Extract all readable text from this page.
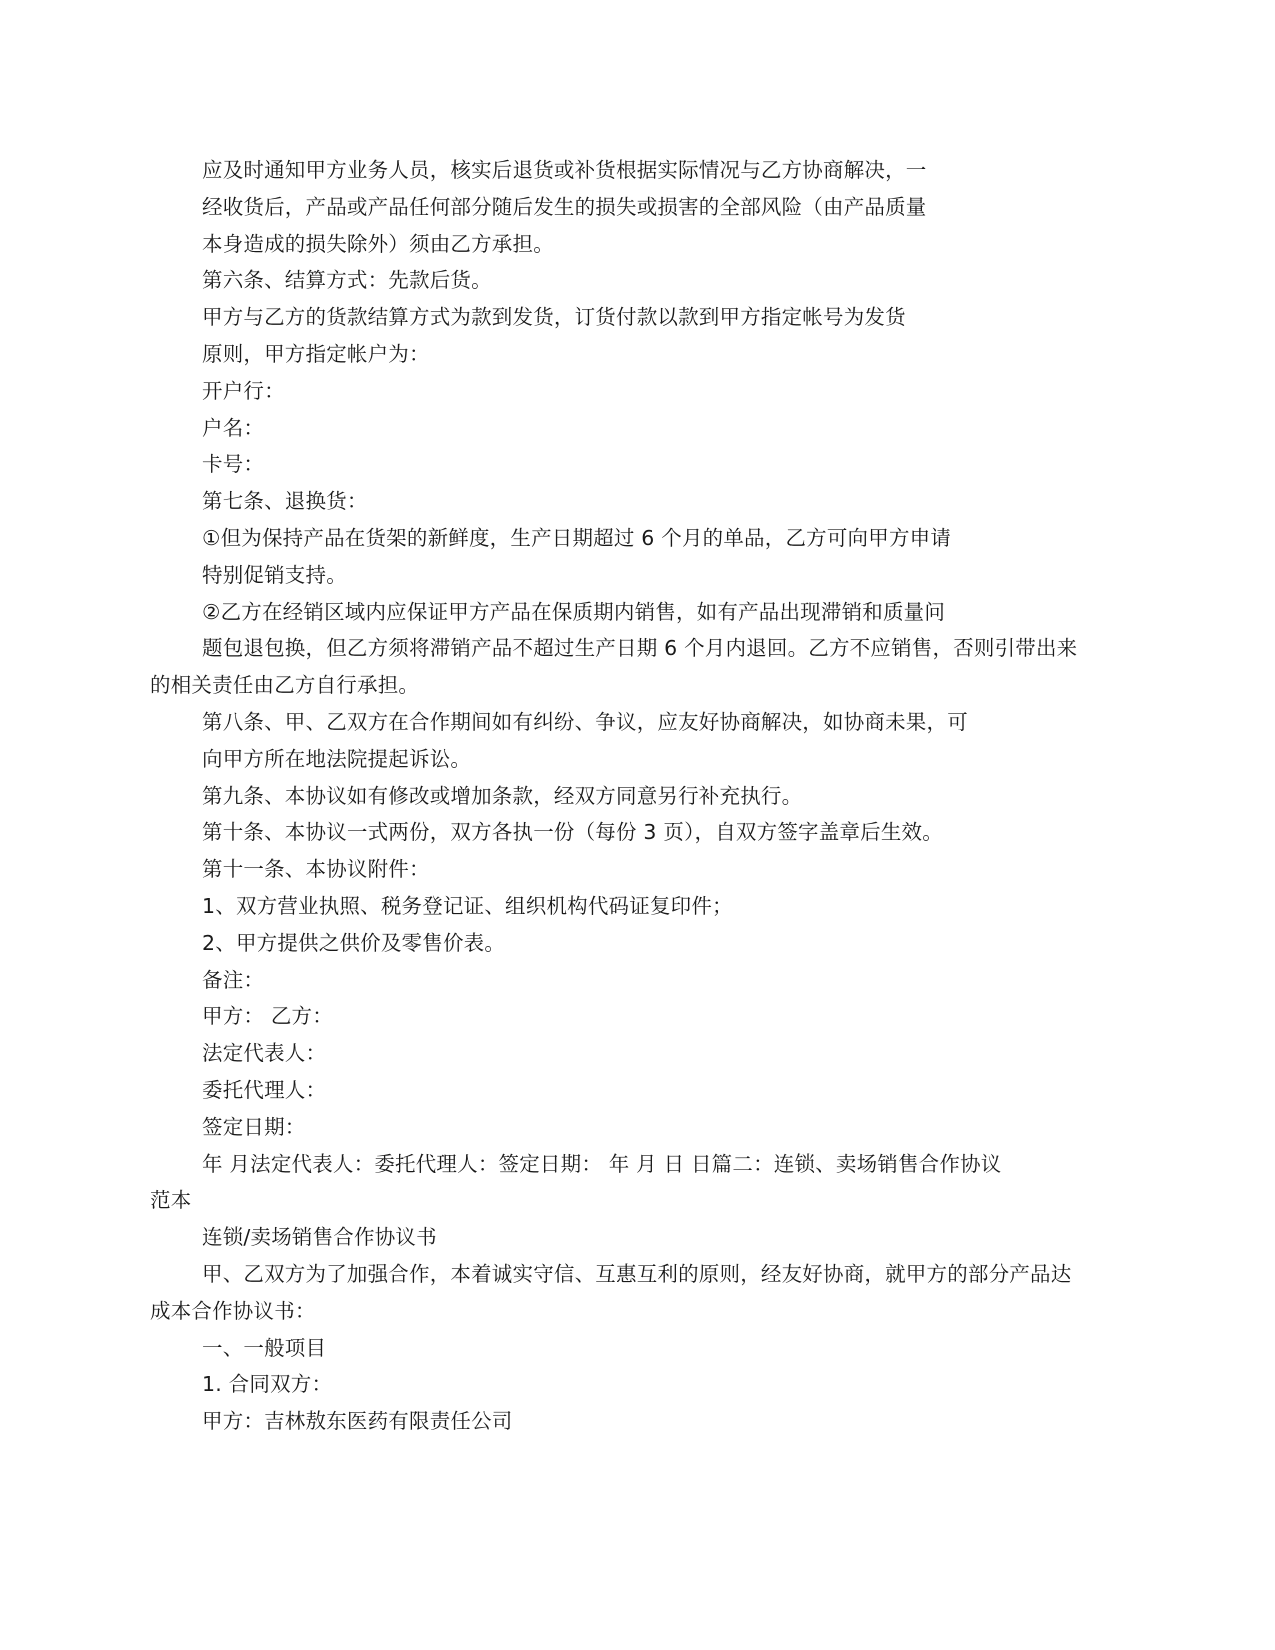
应及时通知甲方业务人员，核实后退货或补货根据实际情况与乙方协商解决，一

经收货后，产品或产品任何部分随后发生的损失或损害的全部风险（由产品质量

本身造成的损失除外）须由乙方承担。

第六条、结算方式：先款后货。

甲方与乙方的货款结算方式为款到发货，订货付款以款到甲方指定帐号为发货

原则，甲方指定帐户为：

开户行：

户名：

卡号：

第七条、退换货：

①但为保持产品在货架的新鲜度，生产日期超过 6 个月的单品，乙方可向甲方申请

特别促销支持。

②乙方在经销区域内应保证甲方产品在保质期内销售，如有产品出现滞销和质量问

题包退包换，但乙方须将滞销产品不超过生产日期 6 个月内退回。乙方不应销售，否则引带出来

的相关责任由乙方自行承担。

第八条、甲、乙双方在合作期间如有纠纷、争议，应友好协商解决，如协商未果，可

向甲方所在地法院提起诉讼。

第九条、本协议如有修改或增加条款，经双方同意另行补充执行。

第十条、本协议一式两份，双方各执一份（每份 3 页），自双方签字盖章后生效。

第十一条、本协议附件：

1、双方营业执照、税务登记证、组织机构代码证复印件；

2、甲方提供之供价及零售价表。

备注：

甲方： 乙方：

法定代表人：

委托代理人：

签定日期：

年 月法定代表人：委托代理人：签定日期： 年 月 日 日篇二：连锁、卖场销售合作协议

范本

连锁/卖场销售合作协议书

甲、乙双方为了加强合作，本着诚实守信、互惠互利的原则，经友好协商，就甲方的部分产品达

成本合作协议书：

一、一般项目

1. 合同双方：

甲方：吉林敖东医药有限责任公司
